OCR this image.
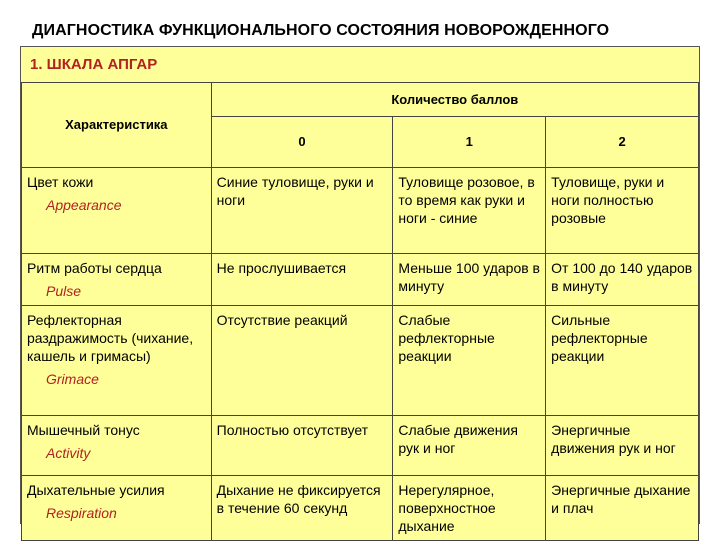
ДИАГНОСТИКА ФУНКЦИОНАЛЬНОГО СОСТОЯНИЯ НОВОРОЖДЕННОГО
1. ШКАЛА АПГАР
Характеристика	Количество баллов		
	0	1	2
Цвет кожи
Appearance	Синие туловище, руки и ноги	Туловище розовое, в то время как руки и ноги - синие	Туловище, руки и ноги полностью розовые
Ритм работы сердца
Pulse	Не прослушивается	Меньше 100 ударов в минуту	От 100 до 140 ударов в минуту
Рефлекторная раздражимость (чихание, кашель и гримасы)
Grimace	Отсутствие реакций	Слабые рефлекторные реакции	Сильные рефлекторные реакции
Мышечный тонус
Activity	Полностью отсутствует	Слабые движения рук и ног	Энергичные движения рук и ног
Дыхательные усилия
Respiration	Дыхание не фиксируется в течение 60 секунд	Нерегулярное, поверхностное дыхание	Энергичные дыхание и плач
